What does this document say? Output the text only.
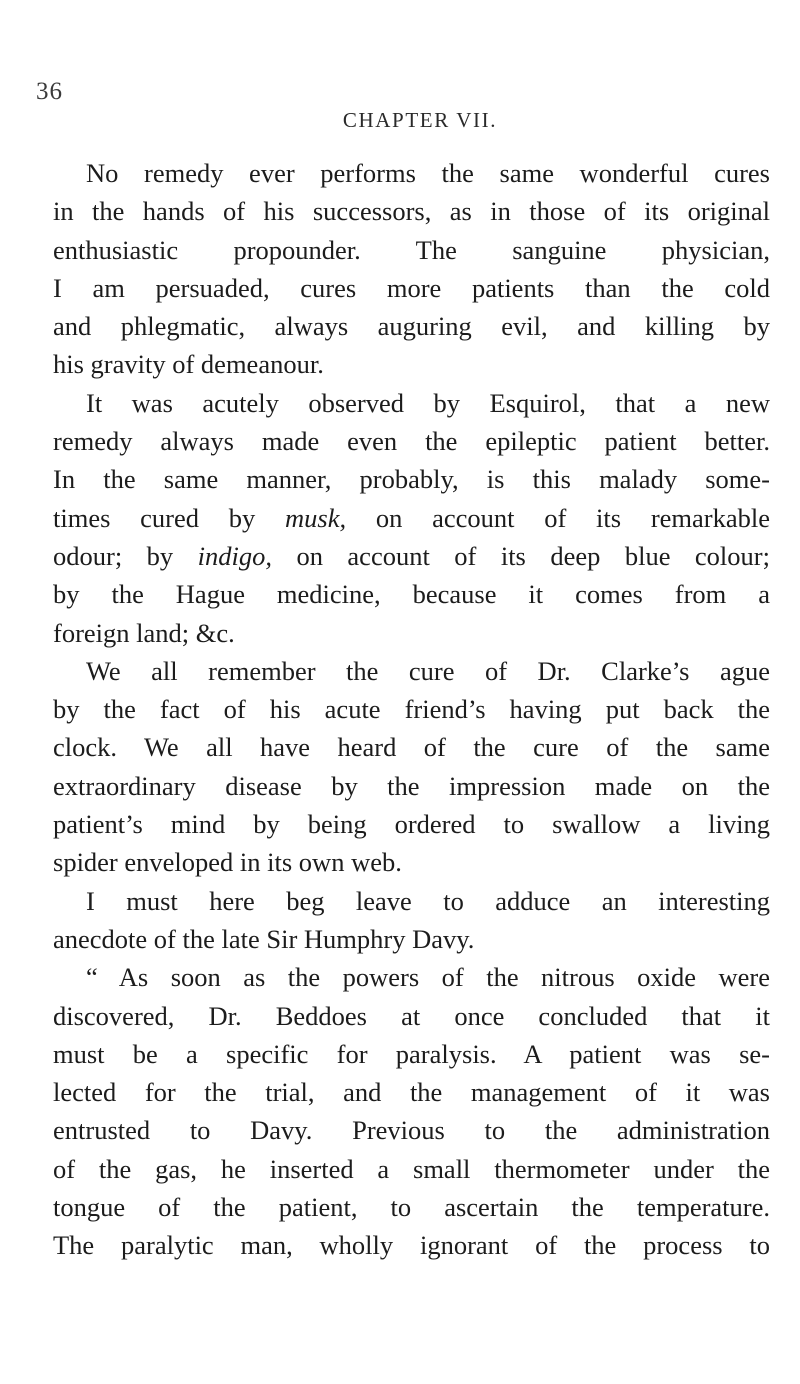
36
CHAPTER VII.
No remedy ever performs the same wonderful cures
in the hands of his successors, as in those of its original
enthusiastic propounder. The sanguine physician,
I am persuaded, cures more patients than the cold
and phlegmatic, always auguring evil, and killing by
his gravity of demeanour.
It was acutely observed by Esquirol, that a new
remedy always made even the epileptic patient better.
In the same manner, probably, is this malady some-
times cured by musk, on account of its remarkable
odour; by indigo, on account of its deep blue colour;
by the Hague medicine, because it comes from a
foreign land; &c.
We all remember the cure of Dr. Clarke’s ague
by the fact of his acute friend’s having put back the
clock. We all have heard of the cure of the same
extraordinary disease by the impression made on the
patient’s mind by being ordered to swallow a living
spider enveloped in its own web.
I must here beg leave to adduce an interesting
anecdote of the late Sir Humphry Davy.
“ As soon as the powers of the nitrous oxide were
discovered, Dr. Beddoes at once concluded that it
must be a specific for paralysis. A patient was se-
lected for the trial, and the management of it was
entrusted to Davy. Previous to the administration
of the gas, he inserted a small thermometer under the
tongue of the patient, to ascertain the temperature.
The paralytic man, wholly ignorant of the process to
